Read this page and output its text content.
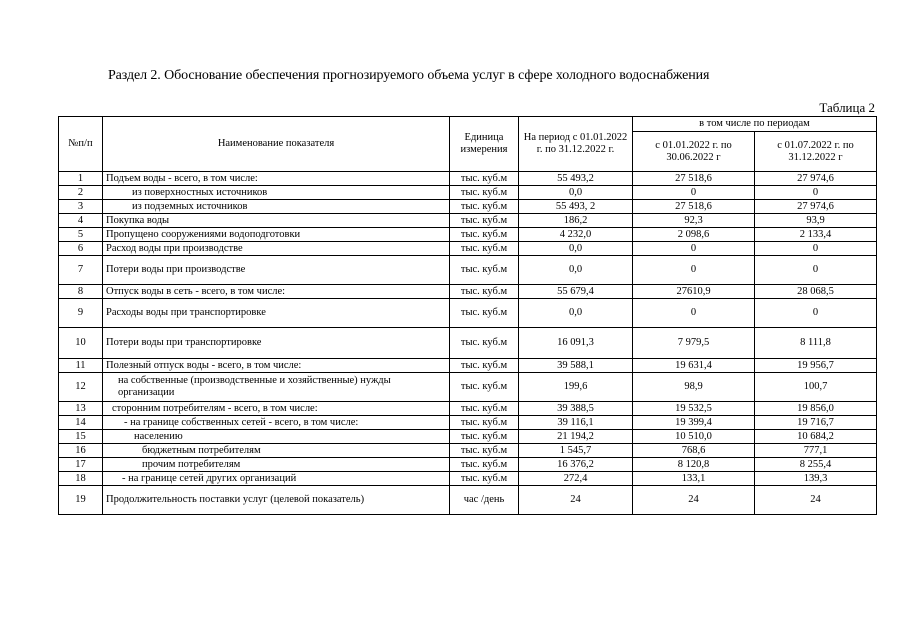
Раздел 2. Обоснование обеспечения прогнозируемого объема услуг в сфере холодного водоснабжения
Таблица 2
№п/п	Наименование показателя	Единица измерения	На период с 01.01.2022 г. по 31.12.2022 г.	в том числе по периодам	
				с 01.01.2022 г. по 30.06.2022 г	с 01.07.2022 г. по 31.12.2022 г
1	Подъем воды - всего, в том числе:	тыс. куб.м	55 493,2	27 518,6	27 974,6
2	из поверхностных источников	тыс. куб.м	0,0	0	0
3	из подземных источников	тыс. куб.м	55 493, 2	27 518,6	27 974,6
4	Покупка воды	тыс. куб.м	186,2	92,3	93,9
5	Пропущено сооружениями водоподготовки	тыс. куб.м	4 232,0	2 098,6	2 133,4
6	Расход воды при производстве	тыс. куб.м	0,0	0	0
7	Потери воды при производстве	тыс. куб.м	0,0	0	0
8	Отпуск воды в сеть - всего, в том числе:	тыс. куб.м	55 679,4	27610,9	28 068,5
9	Расходы воды при транспортировке	тыс. куб.м	0,0	0	0
10	Потери воды при транспортировке	тыс. куб.м	16 091,3	7 979,5	8 111,8
11	Полезный отпуск воды - всего, в том числе:	тыс. куб.м	39 588,1	19 631,4	19 956,7
12	на собственные (производственные и хозяйственные) нужды организации	тыс. куб.м	199,6	98,9	100,7
13	сторонним потребителям - всего, в том числе:	тыс. куб.м	39 388,5	19 532,5	19 856,0
14	- на границе собственных сетей - всего, в том числе:	тыс. куб.м	39 116,1	19 399,4	19 716,7
15	населению	тыс. куб.м	21 194,2	10 510,0	10 684,2
16	бюджетным потребителям	тыс. куб.м	1 545,7	768,6	777,1
17	прочим потребителям	тыс. куб.м	16 376,2	8 120,8	8 255,4
18	- на границе сетей других организаций	тыс. куб.м	272,4	133,1	139,3
19	Продолжительность поставки услуг (целевой показатель)	час /день	24	24	24
